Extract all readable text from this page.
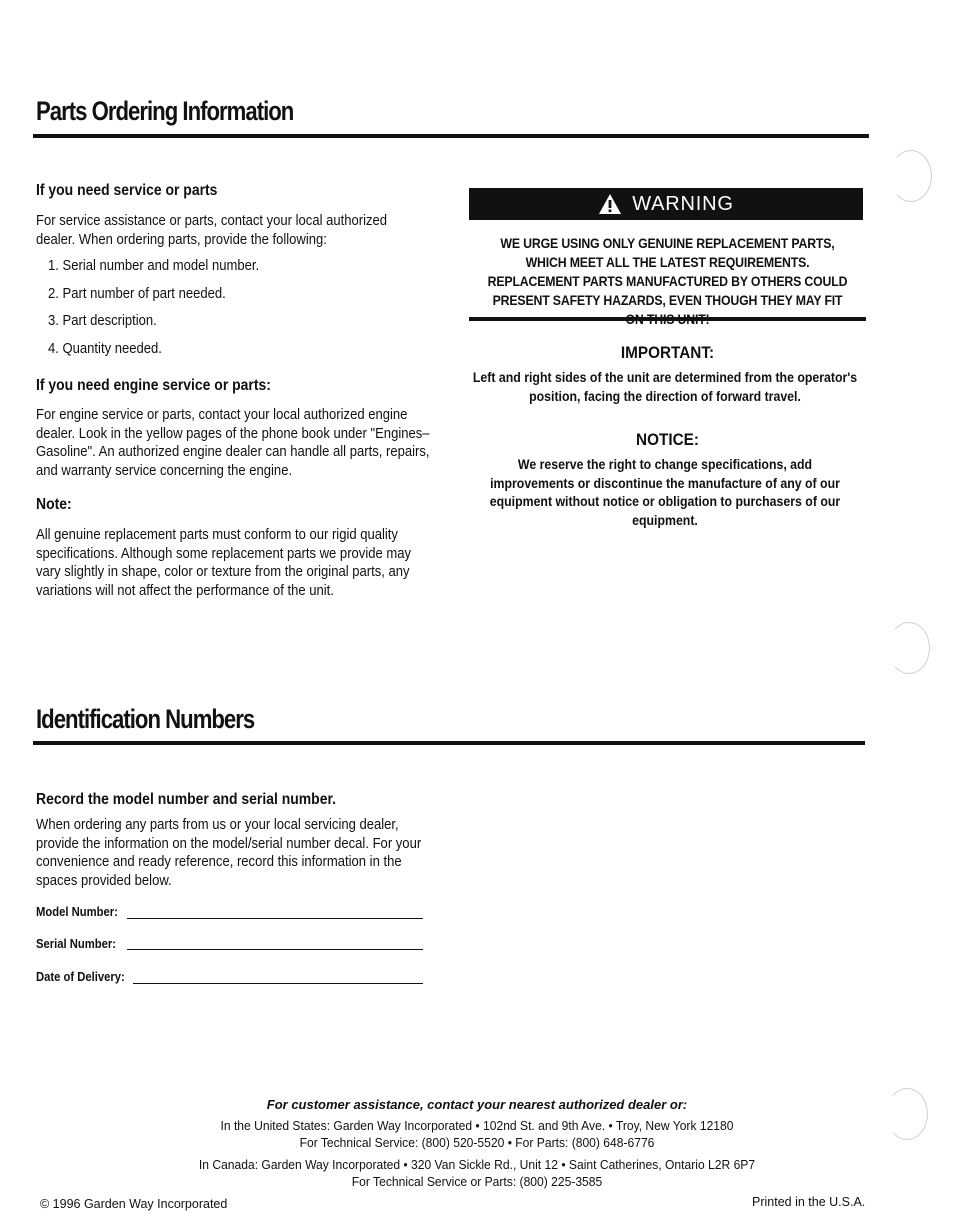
Parts Ordering Information
If you need service or parts
For service assistance or parts, contact your local authorized dealer. When ordering parts, provide the following:
1. Serial number and model number.
2. Part number of part needed.
3. Part description.
4. Quantity needed.
If you need engine service or parts:
For engine service or parts, contact your local authorized engine dealer. Look in the yellow pages of the phone book under "Engines–Gasoline". An authorized engine dealer can handle all parts, repairs, and warranty service concerning the engine.
Note:
All genuine replacement parts must conform to our rigid quality specifications. Although some replacement parts we provide may vary slightly in shape, color or texture from the original parts, any variations will not affect the performance of the unit.
WARNING
WE URGE USING ONLY GENUINE REPLACEMENT PARTS, WHICH MEET ALL THE LATEST REQUIREMENTS. REPLACEMENT PARTS MANUFACTURED BY OTHERS COULD PRESENT SAFETY HAZARDS, EVEN THOUGH THEY MAY FIT
IMPORTANT:
Left and right sides of the unit are determined from the operator's position, facing the direction of forward travel.
NOTICE:
We reserve the right to change specifications, add improvements or discontinue the manufacture of any of our equipment without notice or obligation to purchasers of our equipment.
Identification Numbers
Record the model number and serial number.
When ordering any parts from us or your local servicing dealer, provide the information on the model/serial number decal. For your convenience and ready reference, record this information in the spaces provided below.
Model Number:
Serial Number:
Date of Delivery:
For customer assistance, contact your nearest authorized dealer or:
In the United States: Garden Way Incorporated • 102nd St. and 9th Ave. • Troy, New York 12180
For Technical Service: (800) 520-5520 • For Parts: (800) 648-6776
In Canada: Garden Way Incorporated • 320 Van Sickle Rd., Unit 12 • Saint Catherines, Ontario L2R 6P7
For Technical Service or Parts: (800) 225-3585
© 1996 Garden Way Incorporated	Printed in the U.S.A.
